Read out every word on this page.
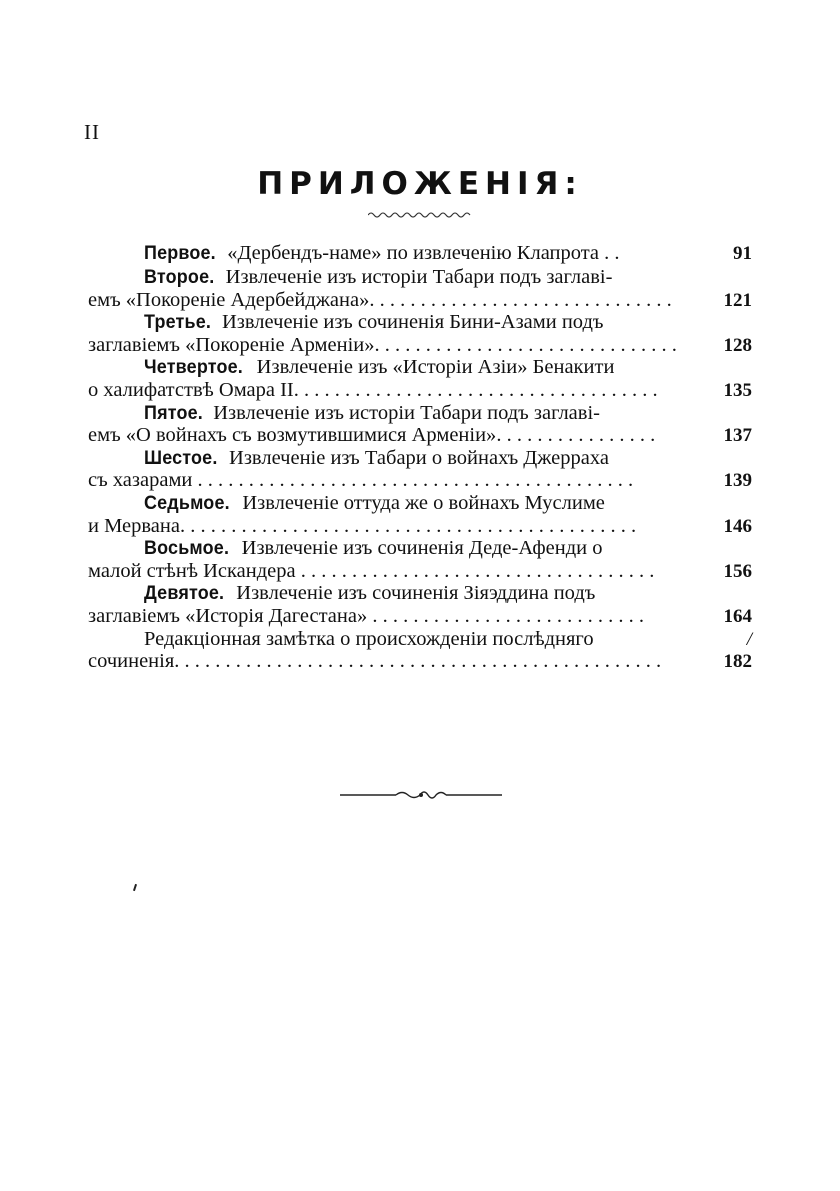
II
ПРИЛОЖЕНІЯ:
Первое. «Дербендъ-наме» по извлеченію Клапрота . .	91
Второе. Извлеченіе изъ исторіи Табари подъ заглаві-
емъ «Покореніе Адербейджана». . . . . . . . . . . . . . . . . . . . . . . . . . . . . .	121
Третье. Извлеченіе изъ сочиненія Бини-Азами подъ
заглавіемъ «Покореніе Арменіи». . . . . . . . . . . . . . . . . . . . . . . . . . . . . .	128
Четвертое. Извлеченіе изъ «Исторіи Азіи» Бенакити
о халифатствѣ Омара II. . . . . . . . . . . . . . . . . . . . . . . . . . . . . . . . . . . .	135
Пятое. Извлеченіе изъ исторіи Табари подъ заглаві-
емъ «О войнахъ съ возмутившимися Арменіи». . . . . . . . . . . . . . . .	137
Шестое. Извлеченіе изъ Табари о войнахъ Джерраха
съ хазарами . . . . . . . . . . . . . . . . . . . . . . . . . . . . . . . . . . . . . . . . . . .	139
Седьмое. Извлеченіе оттуда же о войнахъ Муслиме
и Мервана. . . . . . . . . . . . . . . . . . . . . . . . . . . . . . . . . . . . . . . . . . . . .	146
Восьмое. Извлеченіе изъ сочиненія Деде-Афенди о
малой стѣнѣ Искандера . . . . . . . . . . . . . . . . . . . . . . . . . . . . . . . . . . .	156
Девятое. Извлеченіе изъ сочиненія Зіяэддина подъ
заглавіемъ «Исторія Дагестана» . . . . . . . . . . . . . . . . . . . . . . . . . . .	164
Редакціонная замѣтка о происхожденіи послѣдняго	/
сочиненія. . . . . . . . . . . . . . . . . . . . . . . . . . . . . . . . . . . . . . . . . . . . . . . .	182
